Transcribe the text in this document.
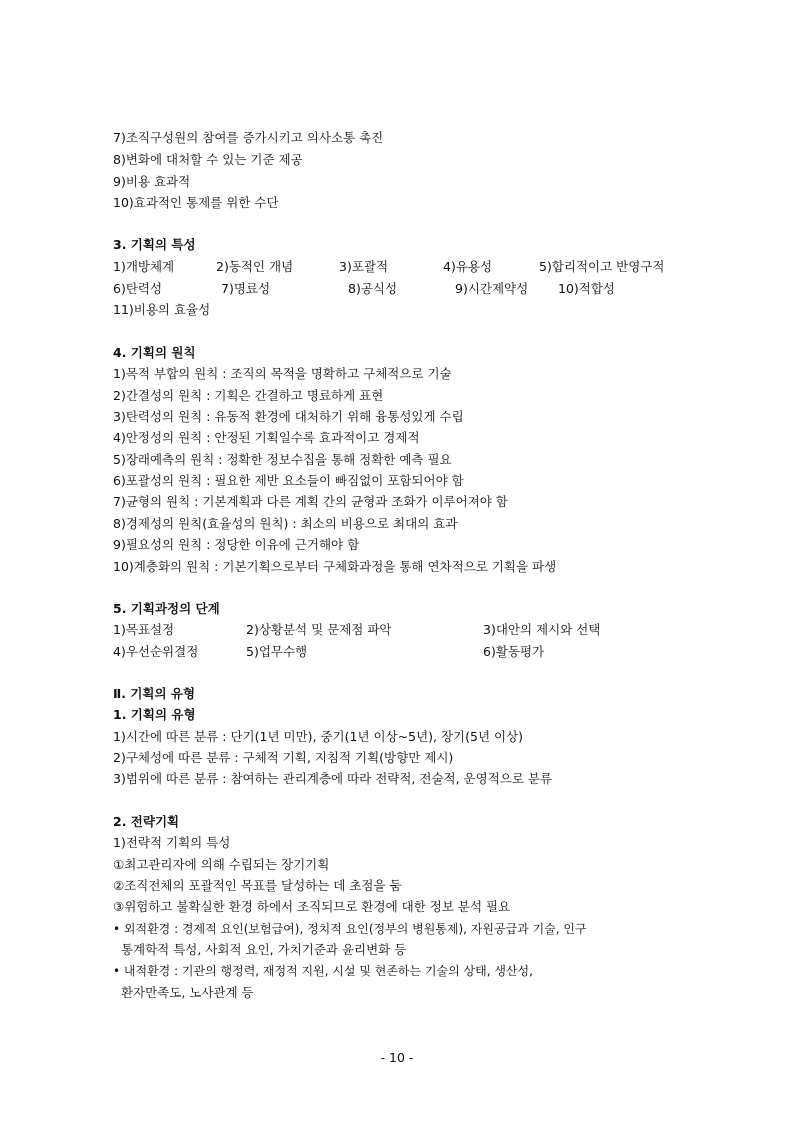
7)조직구성원의 참여를 증가시키고 의사소통 촉진
8)변화에 대처할 수 있는 기준 제공
9)비용 효과적
10)효과적인 통제를 위한 수단
3. 기획의 특성
1)개방체계	2)동적인 개념	3)포괄적	4)유용성	5)합리적이고 반영구적
6)탄력성	7)명료성	8)공식성	9)시간제약성 10)적합성
11)비용의 효율성
4. 기획의 원칙
1)목적 부합의 원칙 : 조직의 목적을 명확하고 구체적으로 기술
2)간결성의 원칙 : 기획은 간결하고 명료하게 표현
3)탄력성의 원칙 : 유동적 환경에 대처하기 위해 융통성있게 수립
4)안정성의 원칙 : 안정된 기획일수록 효과적이고 경제적
5)장래예측의 원칙 : 정확한 정보수집을 통해 정확한 예측 필요
6)포괄성의 원칙 : 필요한 제반 요소들이 빠짐없이 포함되어야 함
7)균형의 원칙 : 기본계획과 다른 계획 간의 균형과 조화가 이루어져야 함
8)경제성의 원칙(효율성의 원칙) : 최소의 비용으로 최대의 효과
9)필요성의 원칙 : 정당한 이유에 근거해야 함
10)계층화의 원칙 : 기본기획으로부터 구체화과정을 통해 연차적으로 기획을 파생
5. 기획과정의 단계
1)목표설정	2)상황분석 및 문제점 파악	3)대안의 제시와 선택
4)우선순위결정	5)업무수행	6)활동평가
Ⅱ. 기획의 유형
1. 기획의 유형
1)시간에 따른 분류 : 단기(1년 미만), 중기(1년 이상~5년), 장기(5년 이상)
2)구체성에 따른 분류 : 구체적 기획, 지침적 기획(방향만 제시)
3)범위에 따른 분류 : 참여하는 관리계층에 따라 전략적, 전술적, 운영적으로 분류
2. 전략기획
1)전략적 기획의 특성
①최고관리자에 의해 수립되는 장기기획
②조직전체의 포괄적인 목표를 달성하는 데 초점을 둠
③위험하고 불확실한 환경 하에서 조직되므로 환경에 대한 정보 분석 필요
• 외적환경 : 경제적 요인(보험급여), 정치적 요인(정부의 병원통제), 자원공급과 기술, 인구
통계학적 특성, 사회적 요인, 가치기준과 윤리변화 등
• 내적환경 : 기관의 행정력, 재정적 지원, 시설 및 현존하는 기술의 상태, 생산성,
환자만족도, 노사관계 등
- 10 -
